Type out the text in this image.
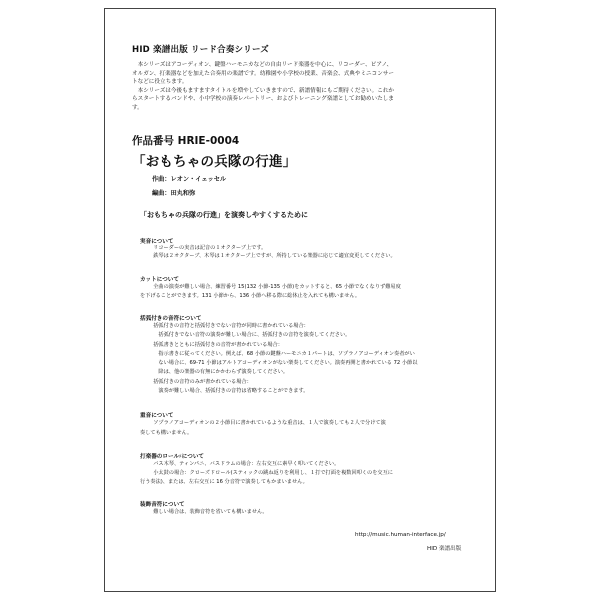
HID 楽譜出版 リード合奏シリーズ

　本シリーズはアコーディオン、鍵盤ハーモニカなどの自由リード楽器を中心に、リコーダー、ピアノ、

オルガン、打楽器などを加えた合奏用の楽譜です。幼稚園や小学校の授業、音楽会、式典やミニコンサー

トなどに役立ちます。

　本シリーズは今後もますますタイトルを増やしていきますので、新譜情報にもご期待ください。これか

らスタートするバンドや、小中学校の演奏レパートリー、およびトレーニング楽譜としてお勧めいたしま

す。

作品番号 HRIE-0004
「おもちゃの兵隊の行進」
作曲：レオン・イェッセル
編曲：田丸和弥
「おもちゃの兵隊の行進」を演奏しやすくするために
実音について
　リコーダーの実音は記音の１オクターブ上です。
　鉄琴は２オクターブ、木琴は１オクターブ上ですが、所持している楽器に応じて適宜変更してください。
カットについて
　全曲の演奏が難しい場合、練習番号 15(132 小節-135 小節)をカットすると、65 小節でなくなりず難易度
を下げることができます。131 小節から、136 小節へ移る際に総休止を入れても構いません。
括弧付きの音符について
　括弧付きの音符と括弧付きでない音符が同時に書かれている場合：
　　括弧付きでない音符の演奏が難しい場合に、括弧付きの音符を演奏してください。
　括弧書きとともに括弧付きの音符が書かれている場合：
　　指示書きに従ってください。例えば、68 小節の鍵盤ハーモニカ１パートは、ソプラノアコーディオン奏者がい
　　ない場合に、69-71 小節はアルトアコーディオンがない楽奏してください。演奏再開と書かれている 72 小節以
　　降は、他の楽器の有無にかかわらず演奏してください。
　括弧付きの音符のみが書かれている場合：
　　演奏が難しい場合、括弧付きの音符は省略することができます。
重音について
　ソプラノアコーディオンの２小節目に書かれているような重音は、１人で演奏しても２人で分けて演
奏しても構いません。
打楽器のロール♯について
　バス木琴、ティンパニ、バスドラムの場合：左右交互に素早く叩いてください。
　小太鼓の場合：クローズドロール(スティックの跳ね返りを利用し、１打で打面を複数回叩くのを交互に
行う奏法)、または、左右交互に 16 分音符で演奏してもかまいません。
装飾音符について
　難しい場合は、装飾音符を省いても構いません。
http://music.human-interface.jp/
HID 楽譜出版
